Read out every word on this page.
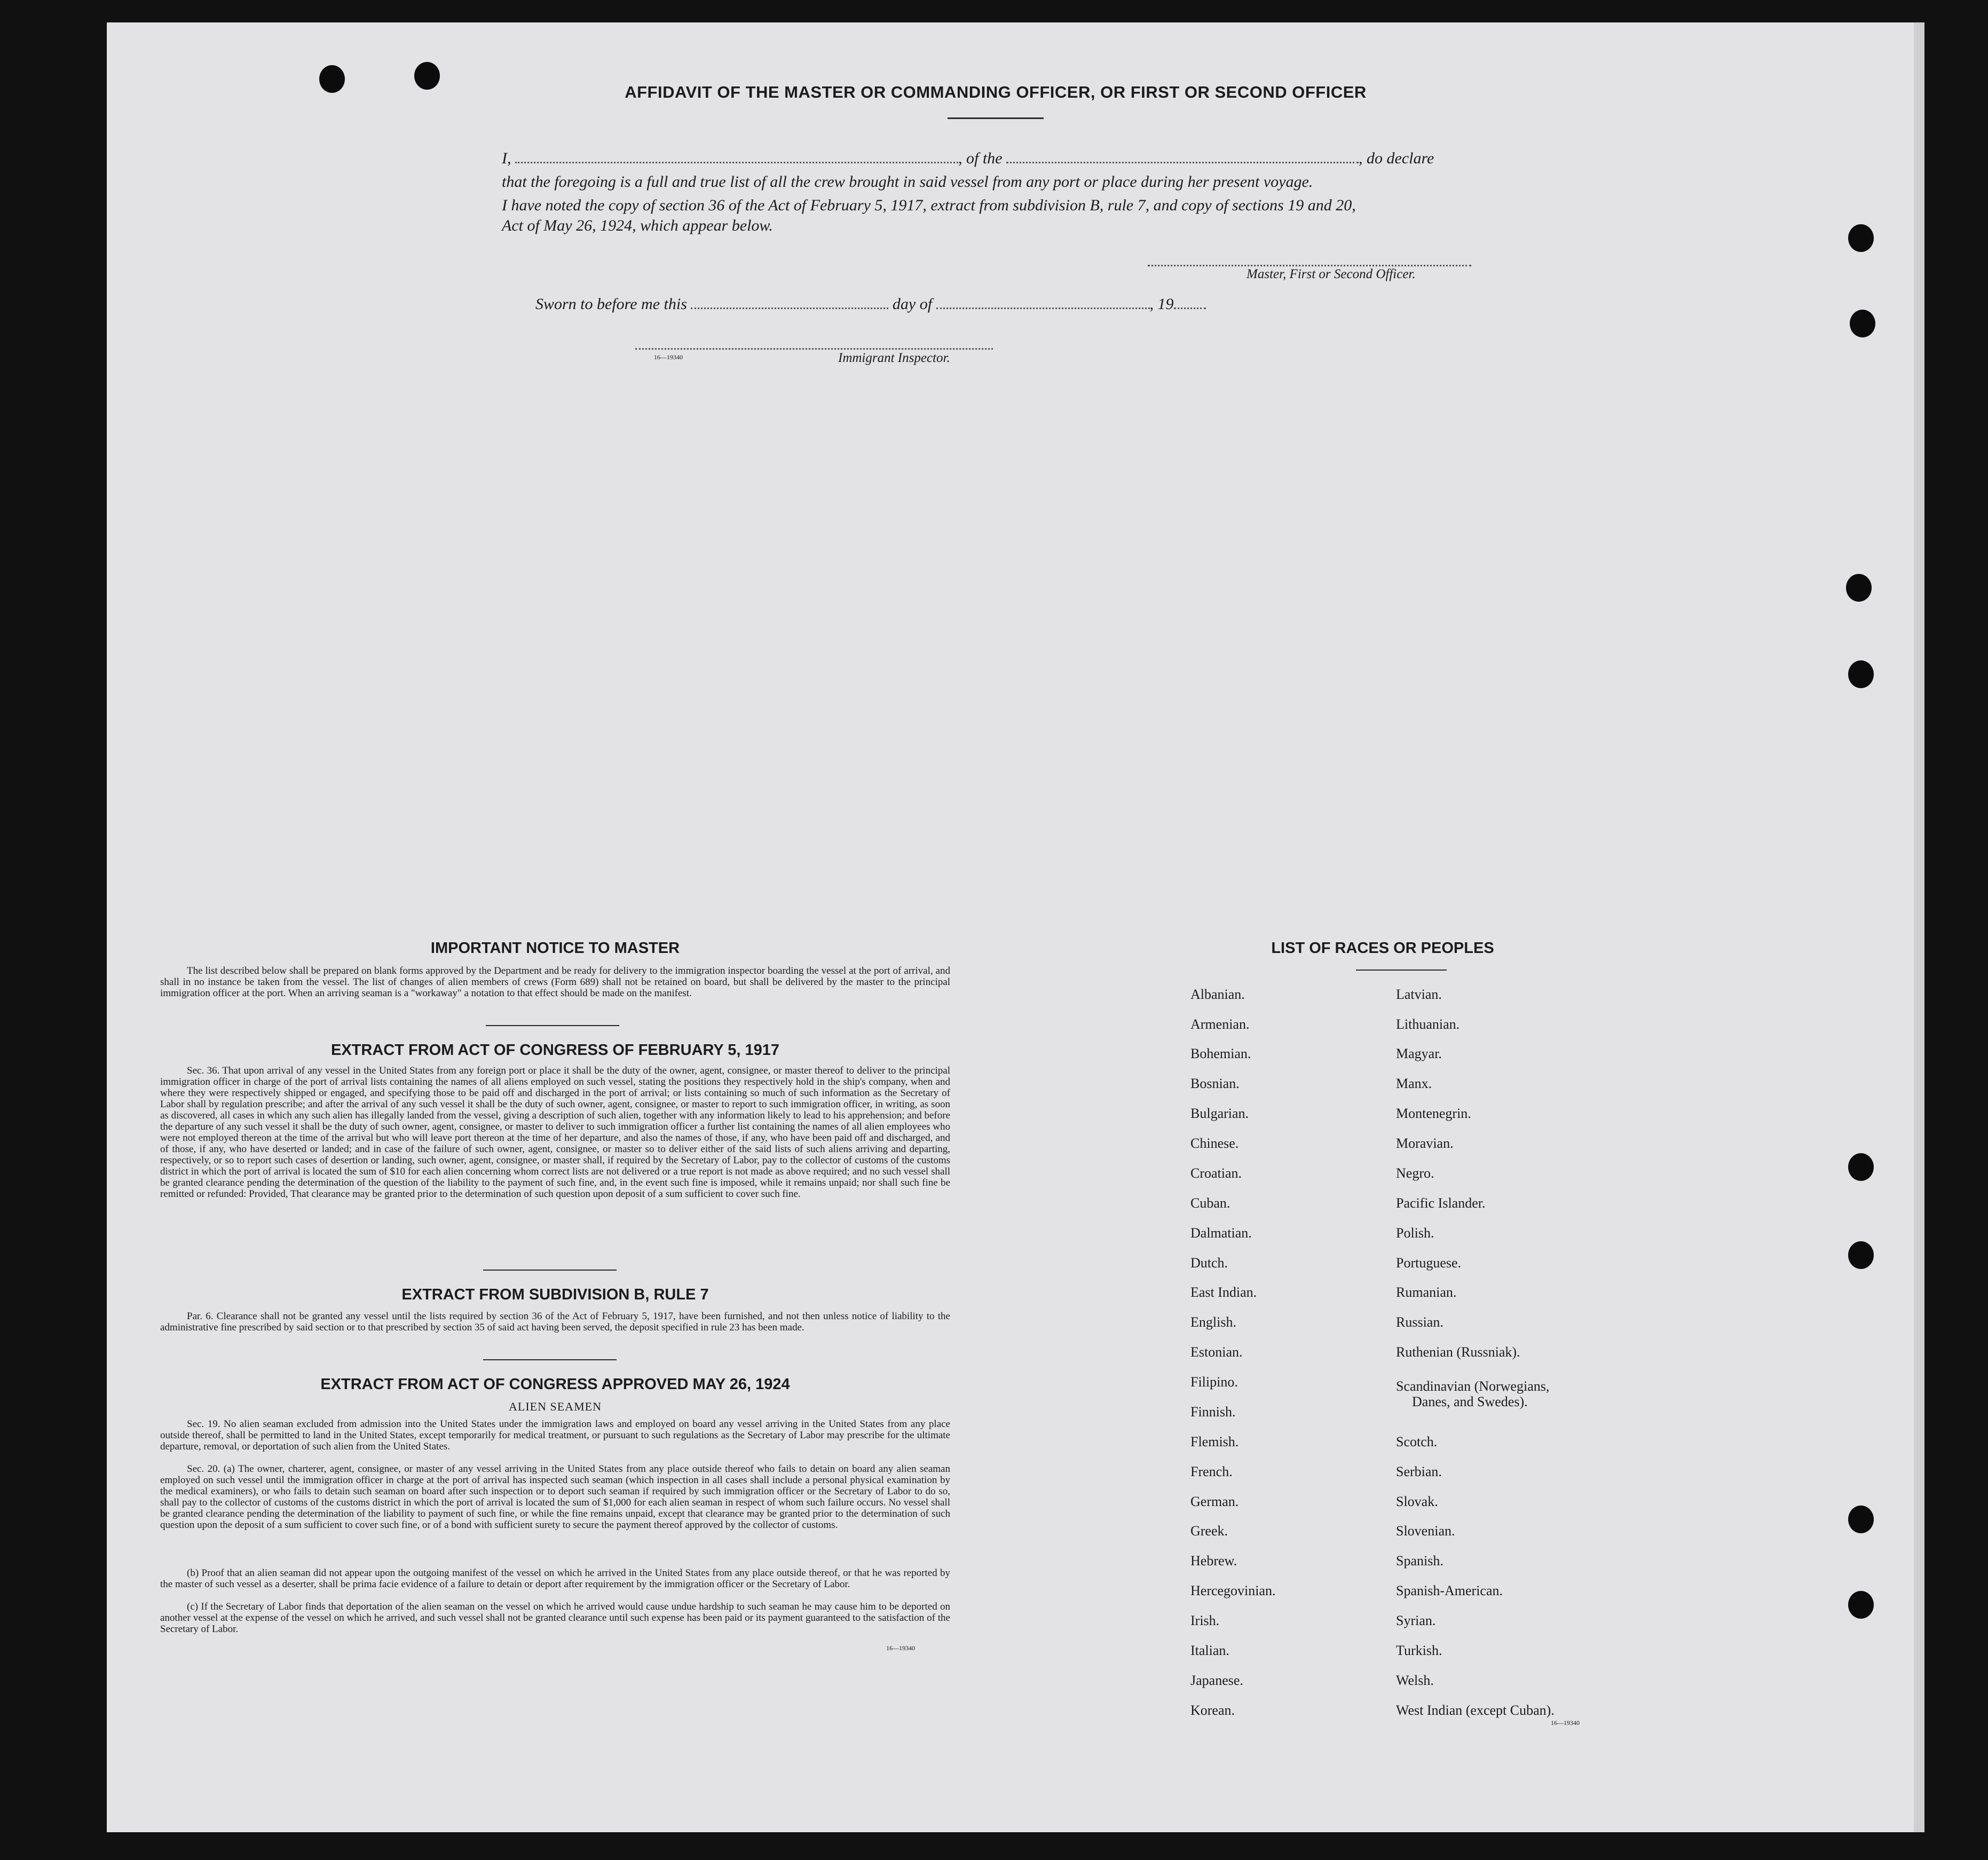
AFFIDAVIT OF THE MASTER OR COMMANDING OFFICER, OR FIRST OR SECOND OFFICER
I,	, of the	, do declare
that the foregoing is a full and true list of all the crew brought in said vessel from any port or place during her present voyage.
I have noted the copy of section 36 of the Act of February 5, 1917, extract from subdivision B, rule 7, and copy of sections 19 and 20,
Act of May 26, 1924, which appear below.
Master, First or Second Officer.
Sworn to before me this	day of	, 19
16—19340	Immigrant Inspector.
IMPORTANT NOTICE TO MASTER
The list described below shall be prepared on blank forms approved by the Department and be ready for delivery to the immigration inspector boarding the vessel at the port of arrival, and shall in no instance be taken from the vessel. The list of changes of alien members of crews (Form 689) shall not be retained on board, but shall be delivered by the master to the principal immigration officer at the port. When an arriving seaman is a "workaway" a notation to that effect should be made on the manifest.
EXTRACT FROM ACT OF CONGRESS OF FEBRUARY 5, 1917
Sec. 36. That upon arrival of any vessel in the United States from any foreign port or place it shall be the duty of the owner, agent, consignee, or master thereof to deliver to the principal immigration officer in charge of the port of arrival lists containing the names of all aliens employed on such vessel, stating the positions they respectively hold in the ship's company, when and where they were respectively shipped or engaged, and specifying those to be paid off and discharged in the port of arrival; or lists containing so much of such information as the Secretary of Labor shall by regulation prescribe; and after the arrival of any such vessel it shall be the duty of such owner, agent, consignee, or master to report to such immigration officer, in writing, as soon as discovered, all cases in which any such alien has illegally landed from the vessel, giving a description of such alien, together with any information likely to lead to his apprehension; and before the departure of any such vessel it shall be the duty of such owner, agent, consignee, or master to deliver to such immigration officer a further list containing the names of all alien employees who were not employed thereon at the time of the arrival but who will leave port thereon at the time of her departure, and also the names of those, if any, who have been paid off and discharged, and of those, if any, who have deserted or landed; and in case of the failure of such owner, agent, consignee, or master so to deliver either of the said lists of such aliens arriving and departing, respectively, or so to report such cases of desertion or landing, such owner, agent, consignee, or master shall, if required by the Secretary of Labor, pay to the collector of customs of the customs district in which the port of arrival is located the sum of $10 for each alien concerning whom correct lists are not delivered or a true report is not made as above required; and no such vessel shall be granted clearance pending the determination of the question of the liability to the payment of such fine, and, in the event such fine is imposed, while it remains unpaid; nor shall such fine be remitted or refunded: Provided, That clearance may be granted prior to the determination of such question upon deposit of a sum sufficient to cover such fine.
EXTRACT FROM SUBDIVISION B, RULE 7
Par. 6. Clearance shall not be granted any vessel until the lists required by section 36 of the Act of February 5, 1917, have been furnished, and not then unless notice of liability to the administrative fine prescribed by said section or to that prescribed by section 35 of said act having been served, the deposit specified in rule 23 has been made.
EXTRACT FROM ACT OF CONGRESS APPROVED MAY 26, 1924
ALIEN SEAMEN
Sec. 19. No alien seaman excluded from admission into the United States under the immigration laws and employed on board any vessel arriving in the United States from any place outside thereof, shall be permitted to land in the United States, except temporarily for medical treatment, or pursuant to such regulations as the Secretary of Labor may prescribe for the ultimate departure, removal, or deportation of such alien from the United States.
Sec. 20. (a) The owner, charterer, agent, consignee, or master of any vessel arriving in the United States from any place outside thereof who fails to detain on board any alien seaman employed on such vessel until the immigration officer in charge at the port of arrival has inspected such seaman (which inspection in all cases shall include a personal physical examination by the medical examiners), or who fails to detain such seaman on board after such inspection or to deport such seaman if required by such immigration officer or the Secretary of Labor to do so, shall pay to the collector of customs of the customs district in which the port of arrival is located the sum of $1,000 for each alien seaman in respect of whom such failure occurs. No vessel shall be granted clearance pending the determination of the liability to payment of such fine, or while the fine remains unpaid, except that clearance may be granted prior to the determination of such question upon the deposit of a sum sufficient to cover such fine, or of a bond with sufficient surety to secure the payment thereof approved by the collector of customs.
(b) Proof that an alien seaman did not appear upon the outgoing manifest of the vessel on which he arrived in the United States from any place outside thereof, or that he was reported by the master of such vessel as a deserter, shall be prima facie evidence of a failure to detain or deport after requirement by the immigration officer or the Secretary of Labor.
(c) If the Secretary of Labor finds that deportation of the alien seaman on the vessel on which he arrived would cause undue hardship to such seaman he may cause him to be deported on another vessel at the expense of the vessel on which he arrived, and such vessel shall not be granted clearance until such expense has been paid or its payment guaranteed to the satisfaction of the Secretary of Labor.
16—19340
LIST OF RACES OR PEOPLES
Albanian.
Armenian.
Bohemian.
Bosnian.
Bulgarian.
Chinese.
Croatian.
Cuban.
Dalmatian.
Dutch.
East Indian.
English.
Estonian.
Filipino.
Finnish.
Flemish.
French.
German.
Greek.
Hebrew.
Hercegovinian.
Irish.
Italian.
Japanese.
Korean.
Latvian.
Lithuanian.
Magyar.
Manx.
Montenegrin.
Moravian.
Negro.
Pacific Islander.
Polish.
Portuguese.
Rumanian.
Russian.
Ruthenian (Russniak).
Scandinavian (Norwegians,
Danes, and Swedes).
Scotch.
Serbian.
Slovak.
Slovenian.
Spanish.
Spanish-American.
Syrian.
Turkish.
Welsh.
West Indian (except Cuban).
16—19340
